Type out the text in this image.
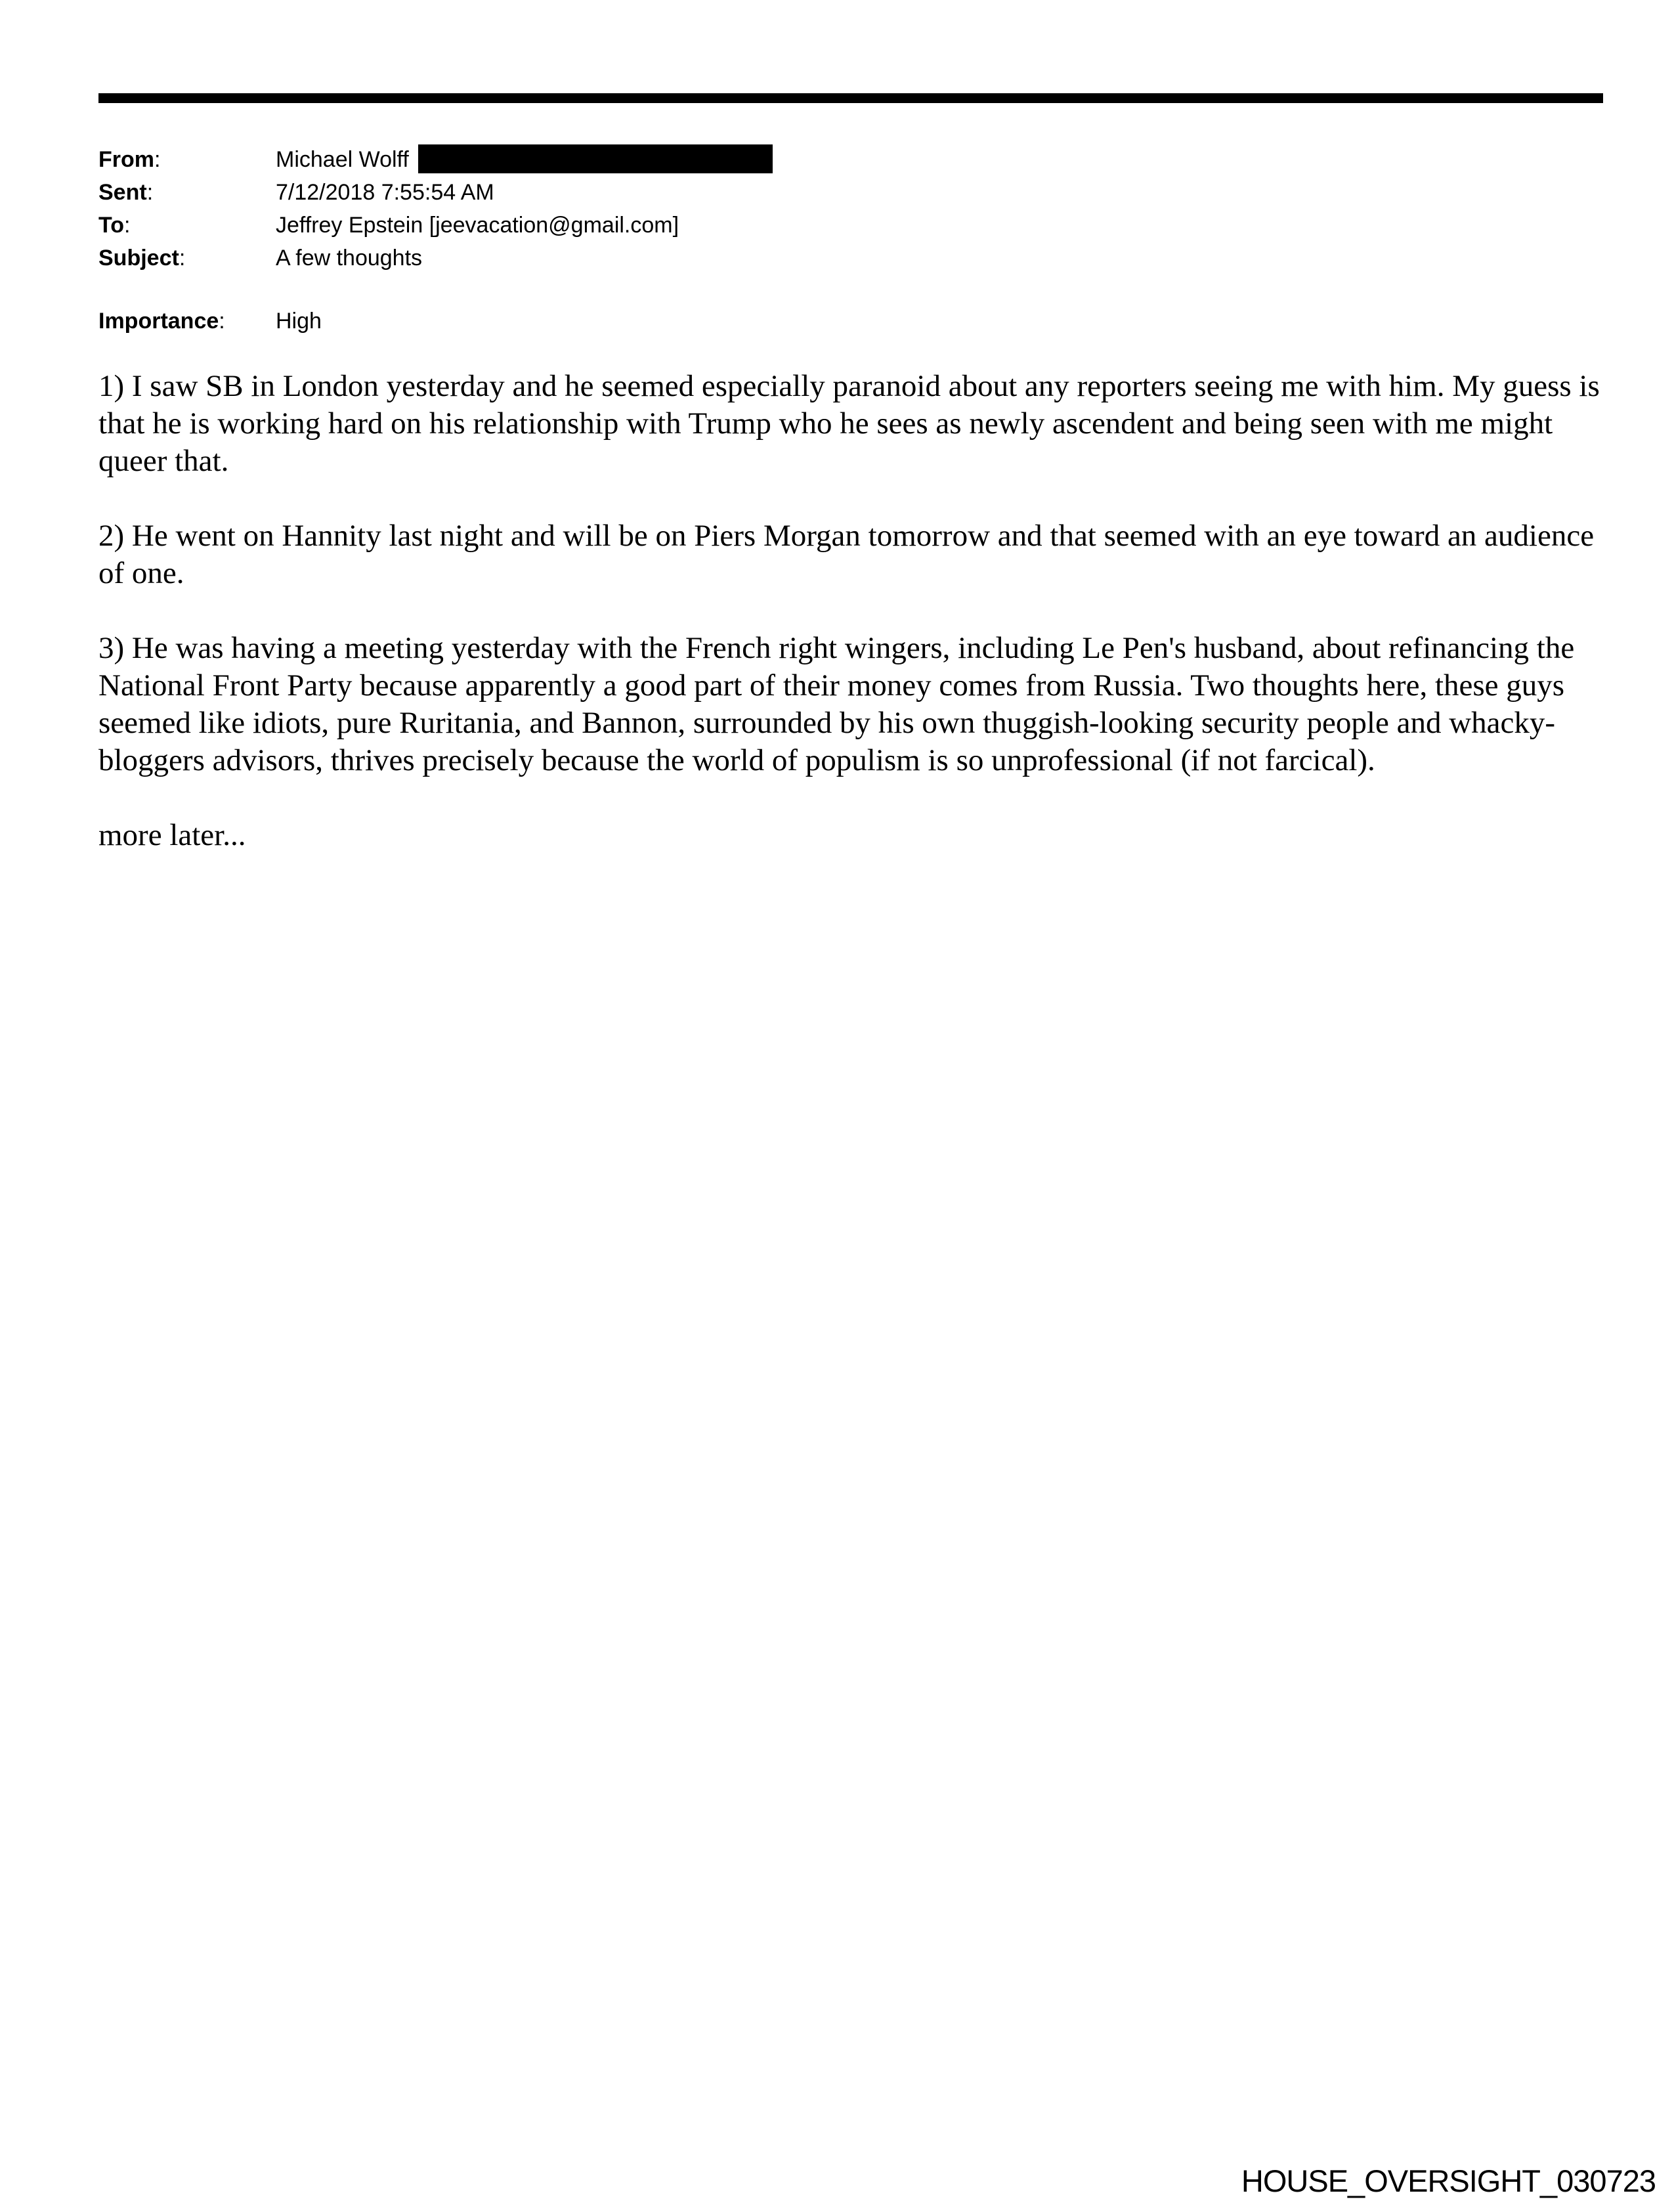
From:	Michael Wolff
Sent:	7/12/2018 7:55:54 AM
To:	Jeffrey Epstein [jeevacation@gmail.com]
Subject:	A few thoughts
Importance:	High

1) I saw SB in London yesterday and he seemed especially paranoid about any reporters seeing me with him. My guess is that he is working hard on his relationship with Trump who he sees as newly ascendent and being seen with me might queer that.

2) He went on Hannity last night and will be on Piers Morgan tomorrow and that seemed with an eye toward an audience of one.

3) He was having a meeting yesterday with the French right wingers, including Le Pen's husband, about refinancing the National Front Party because apparently a good part of their money comes from Russia. Two thoughts here, these guys seemed like idiots, pure Ruritania, and Bannon, surrounded by his own thuggish-looking security people and whacky-bloggers advisors, thrives precisely because the world of populism is so unprofessional (if not farcical).

more later...

HOUSE_OVERSIGHT_030723
